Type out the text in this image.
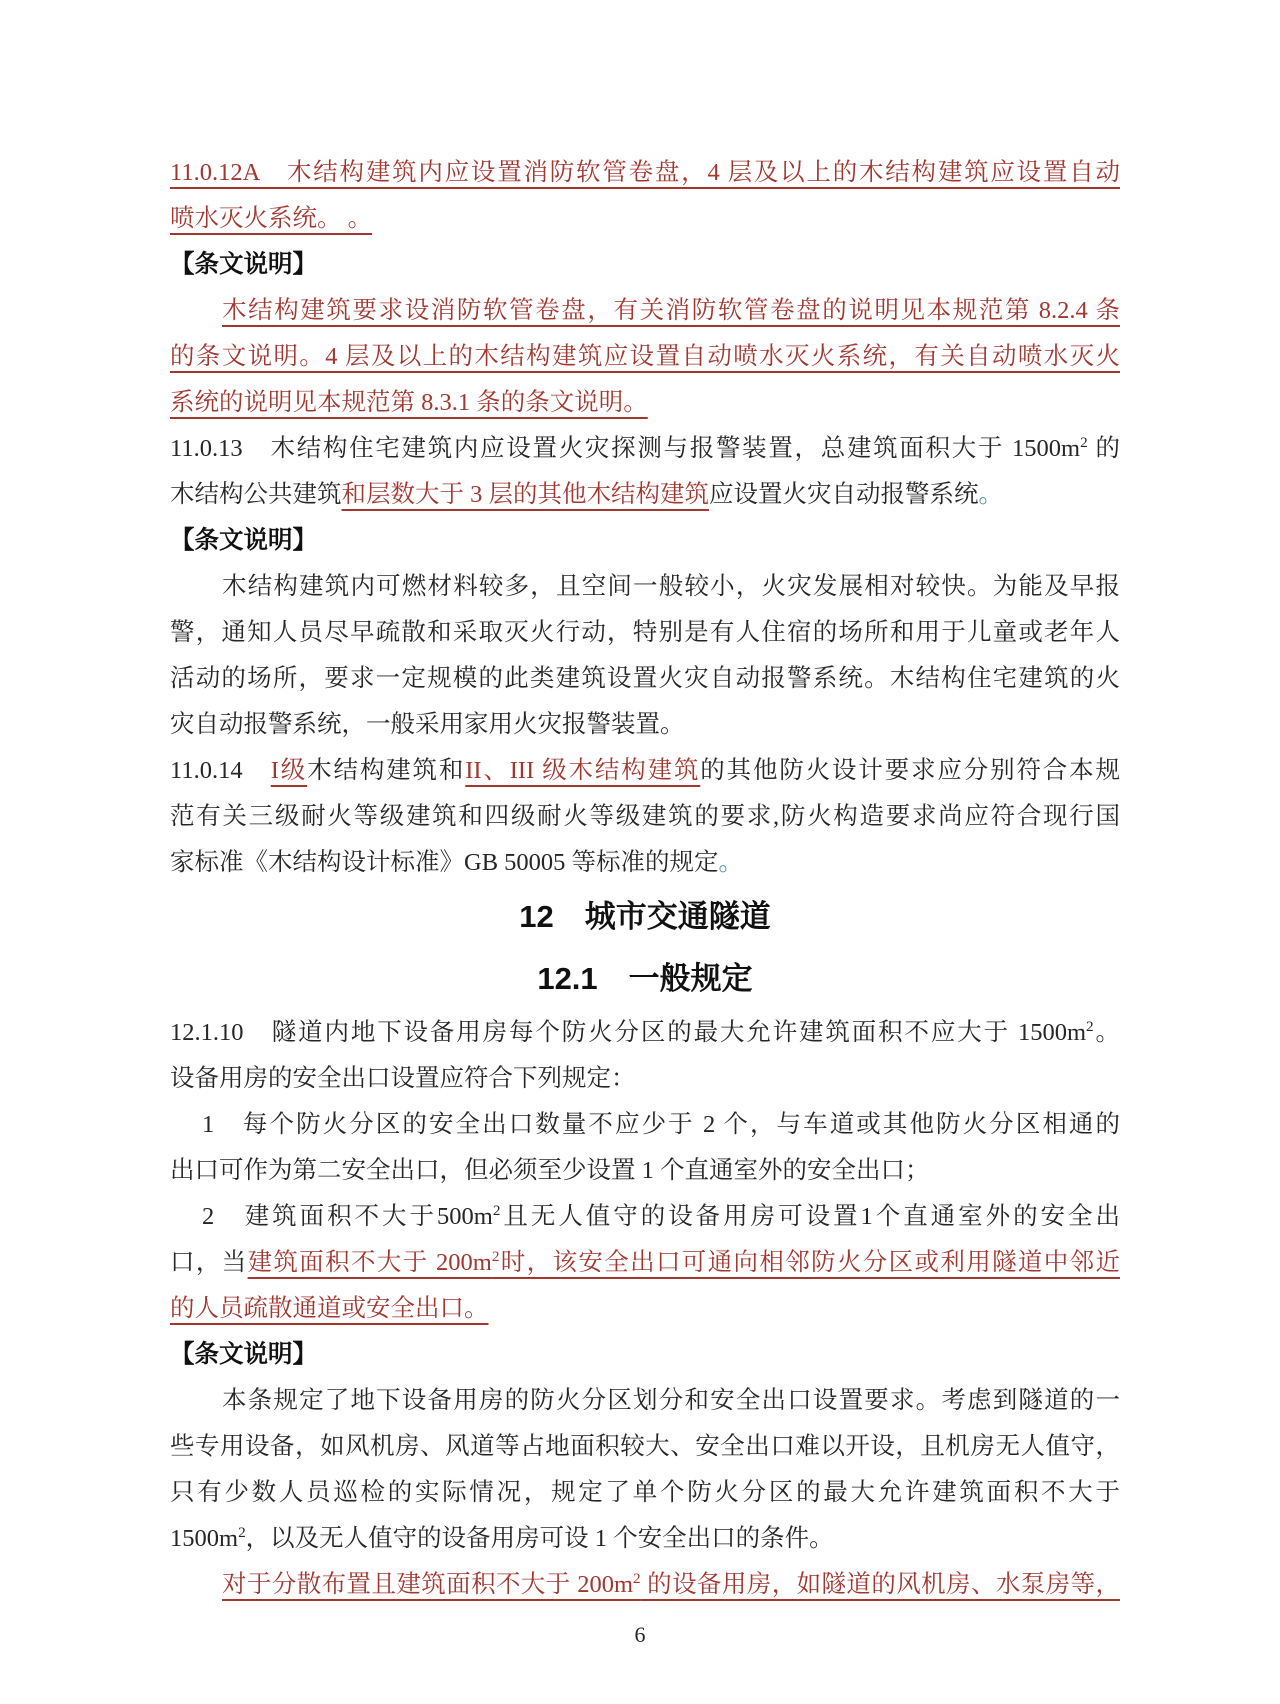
11.0.12A　木结构建筑内应设置消防软管卷盘，4 层及以上的木结构建筑应设置自动
喷水灭火系统。 。
【条文说明】
木结构建筑要求设消防软管卷盘，有关消防软管卷盘的说明见本规范第 8.2.4 条
的条文说明。4 层及以上的木结构建筑应设置自动喷水灭火系统，有关自动喷水灭火
系统的说明见本规范第 8.3.1 条的条文说明。
11.0.13　木结构住宅建筑内应设置火灾探测与报警装置，总建筑面积大于 $1500m^2$ 的
木结构公共建筑和层数大于 3 层的其他木结构建筑应设置火灾自动报警系统。
【条文说明】
木结构建筑内可燃材料较多，且空间一般较小，火灾发展相对较快。为能及早报
警，通知人员尽早疏散和采取灭火行动，特别是有人住宿的场所和用于儿童或老年人
活动的场所，要求一定规模的此类建筑设置火灾自动报警系统。木结构住宅建筑的火
灾自动报警系统，一般采用家用火灾报警装置。
11.0.14　I级木结构建筑和II、III 级木结构建筑的其他防火设计要求应分别符合本规
范有关三级耐火等级建筑和四级耐火等级建筑的要求,防火构造要求尚应符合现行国
家标准《木结构设计标准》GB 50005 等标准的规定。
12　城市交通隧道
12.1　一般规定
12.1.10　隧道内地下设备用房每个防火分区的最大允许建筑面积不应大于 $1500m^2$。
设备用房的安全出口设置应符合下列规定：
1　每个防火分区的安全出口数量不应少于 2 个，与车道或其他防火分区相通的
出口可作为第二安全出口，但必须至少设置 1 个直通室外的安全出口；
2　建筑面积不大于$500m^2$且无人值守的设备用房可设置1个直通室外的安全出
口，当建筑面积不大于 $200m^2$时，该安全出口可通向相邻防火分区或利用隧道中邻近
的人员疏散通道或安全出口。
【条文说明】
本条规定了地下设备用房的防火分区划分和安全出口设置要求。考虑到隧道的一
些专用设备，如风机房、风道等占地面积较大、安全出口难以开设，且机房无人值守，
只有少数人员巡检的实际情况，规定了单个防火分区的最大允许建筑面积不大于
$1500m^2$，以及无人值守的设备用房可设 1 个安全出口的条件。
对于分散布置且建筑面积不大于 $200m^2$ 的设备用房，如隧道的风机房、水泵房等，
6
